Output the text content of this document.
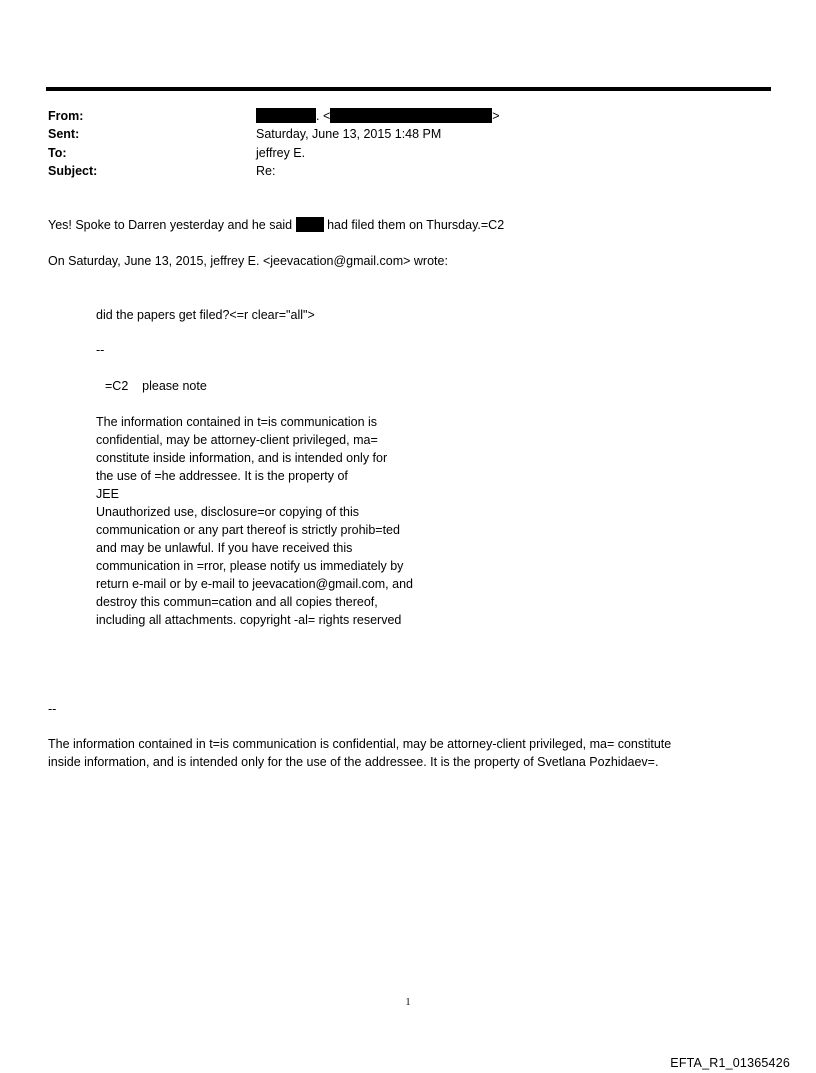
From:	. <	>
Sent:	Saturday, June 13, 2015 1:48 PM
To:	jeffrey E.
Subject:	Re:
Yes! Spoke to Darren yesterday and he said  had filed them on Thursday.=C2
On Saturday, June 13, 2015, jeffrey E. <jeevacation@gmail.com> wrote:
did the papers get filed?<=r clear="all">
--
=C2    please note
The information contained in t=is communication is
confidential, may be attorney-client privileged, ma=
constitute inside information, and is intended only for
the use of =he addressee. It is the property of
JEE
Unauthorized use, disclosure=or copying of this
communication or any part thereof is strictly prohib=ted
and may be unlawful. If you have received this
communication in =rror, please notify us immediately by
return e-mail or by e-mail to jeevacation@gmail.com, and
destroy this commun=cation and all copies thereof,
including all attachments. copyright -al= rights reserved
--
The information contained in t=is communication is confidential, may be attorney-client privileged, ma= constitute
inside information, and is intended only for the use of the addressee. It is the property of Svetlana Pozhidaev=.
1
EFTA_R1_01365426
